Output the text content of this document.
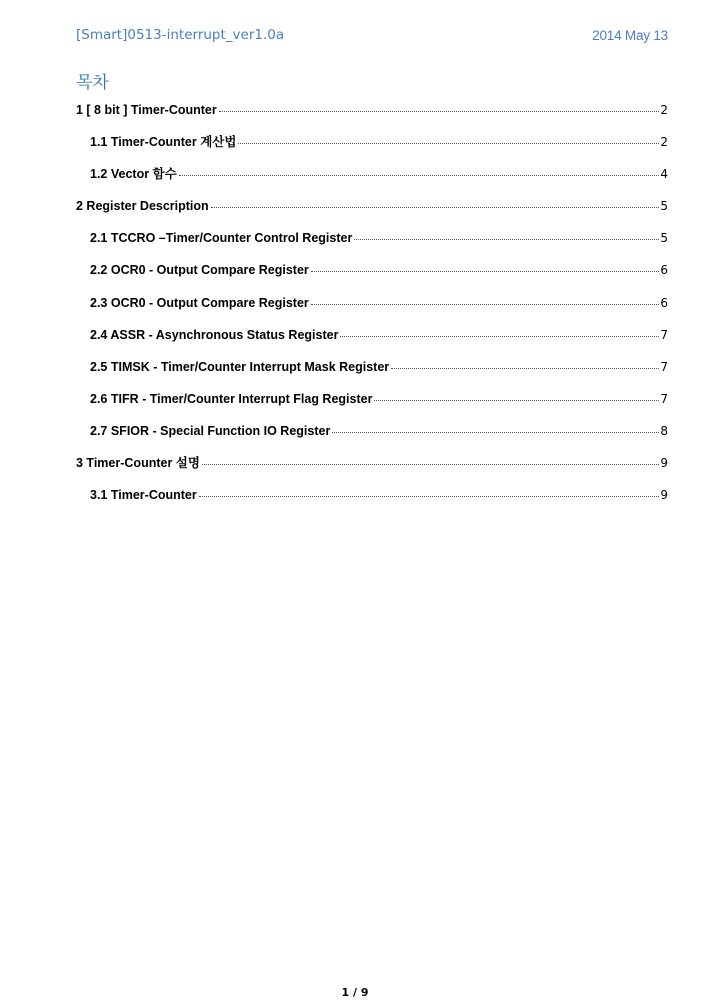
[Smart]0513-interrupt_ver1.0a	2014 May 13
목차
1 [ 8 bit ] Timer-Counter	2
1.1 Timer-Counter 계산법	2
1.2 Vector 함수	4
2 Register Description	5
2.1 TCCRO –Timer/Counter Control Register	5
2.2 OCR0 - Output Compare Register	6
2.3 OCR0 - Output Compare Register	6
2.4 ASSR - Asynchronous Status Register	7
2.5 TIMSK - Timer/Counter Interrupt Mask Register	7
2.6 TIFR - Timer/Counter Interrupt Flag Register	7
2.7 SFIOR - Special Function IO Register	8
3 Timer-Counter 설명	9
3.1 Timer-Counter	9
1 / 9
